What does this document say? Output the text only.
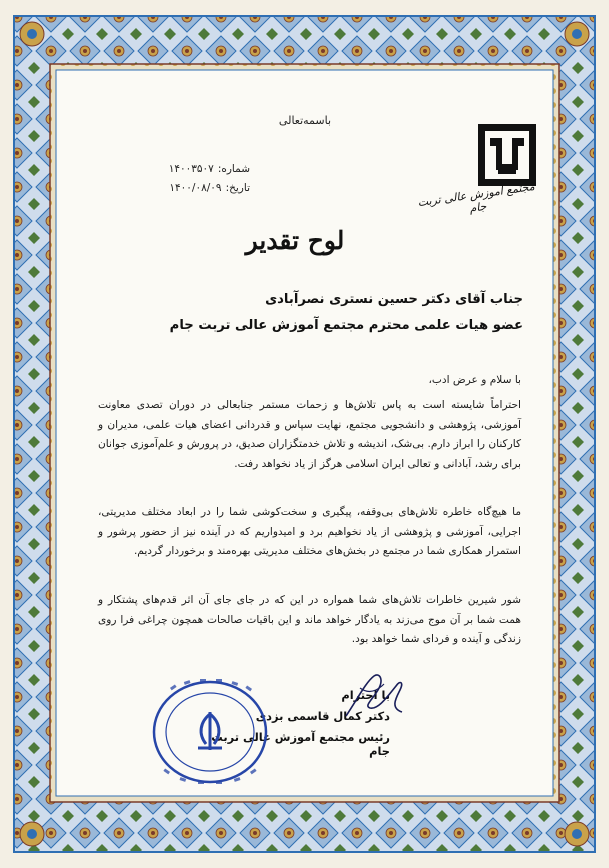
مجتمع آموزش عالی تربت جام
باسمه‌تعالی
شماره:۱۴۰۰۳۵۰۷
تاریخ:۱۴۰۰/۰۸/۰۹
لوح تقدیر
جناب آقای دکتر حسین نستری نصرآبادی
عضو هیات علمی محترم مجتمع آموزش عالی تربت جام
با سلام و عرض ادب،

احتراماً شایسته است به پاس تلاش‌ها و زحمات مستمر جنابعالی در دوران تصدی معاونت آموزشی، پژوهشی و دانشجویی مجتمع، نهایت سپاس و قدردانی اعضای هیات علمی، مدیران و کارکنان را ابراز دارم. بی‌شک، اندیشه و تلاش خدمتگزاران صدیق، در پرورش و علم‌آموزی جوانان برای رشد، آبادانی و تعالی ایران اسلامی هرگز از یاد نخواهد رفت.

ما هیچ‌گاه خاطره تلاش‌های بی‌وقفه، پیگیری و سخت‌کوشی شما را در ابعاد مختلف مدیریتی، اجرایی، آموزشی و پژوهشی از یاد نخواهیم برد و امیدواریم که در آینده نیز از حضور پرشور و استمرار همکاری شما در مجتمع در بخش‌های مختلف مدیریتی بهره‌مند و برخوردار گردیم.

شور شیرین خاطرات تلاش‌های شما همواره در این که در جای جای آن اثر قدم‌های پشتکار و همت شما بر آن موج می‌زند به یادگار خواهد ماند و این باقیات صالحات همچون چراغی فرا روی زندگی و آینده و فردای شما خواهد بود.

با احترام
دکتر کمال قاسمی بزدی
رئیس مجتمع آموزش عالی تربت جام
